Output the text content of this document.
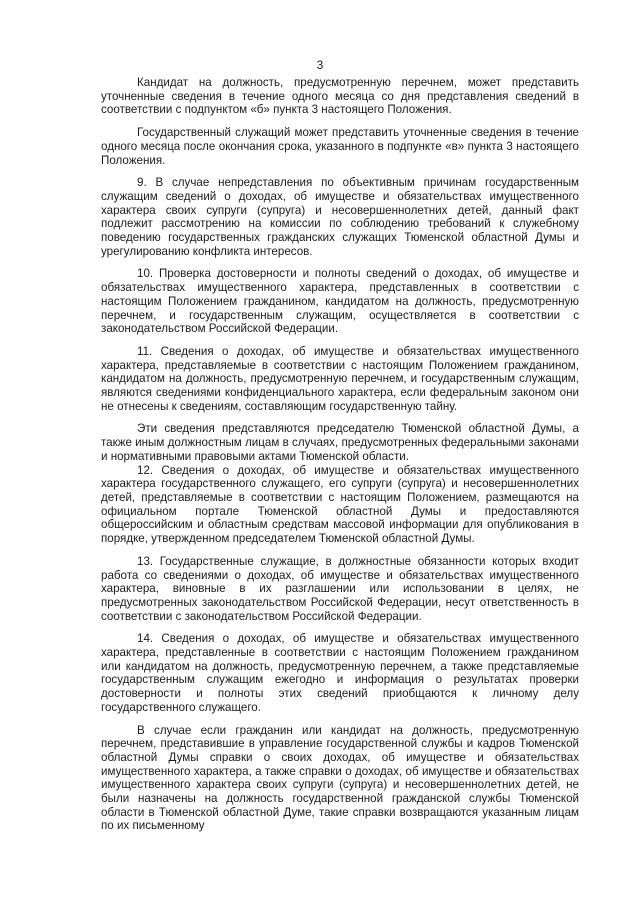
3

Кандидат на должность, предусмотренную перечнем, может представить уточненные сведения в течение одного месяца со дня представления сведений в соответствии с подпунктом «б» пункта 3 настоящего Положения.

Государственный служащий может представить уточненные сведения в течение одного месяца после окончания срока, указанного в подпункте «в» пункта 3 настоящего Положения.

9. В случае непредставления по объективным причинам государственным служащим сведений о доходах, об имуществе и обязательствах имущественного характера своих супруги (супруга) и несовершеннолетних детей, данный факт подлежит рассмотрению на комиссии по соблюдению требований к служебному поведению государственных гражданских служащих Тюменской областной Думы и урегулированию конфликта интересов.

10. Проверка достоверности и полноты сведений о доходах, об имуществе и обязательствах имущественного характера, представленных в соответствии с настоящим Положением гражданином, кандидатом на должность, предусмотренную перечнем, и государственным служащим, осуществляется в соответствии с законодательством Российской Федерации.

11. Сведения о доходах, об имуществе и обязательствах имущественного характера, представляемые в соответствии с настоящим Положением гражданином, кандидатом на должность, предусмотренную перечнем, и государственным служащим, являются сведениями конфиденциального характера, если федеральным законом они не отнесены к сведениям, составляющим государственную тайну.

Эти сведения представляются председателю Тюменской областной Думы, а также иным должностным лицам в случаях, предусмотренных федеральными законами и нормативными правовыми актами Тюменской области.

12. Сведения о доходах, об имуществе и обязательствах имущественного характера государственного служащего, его супруги (супруга) и несовершеннолетних детей, представляемые в соответствии с настоящим Положением, размещаются на официальном портале Тюменской областной Думы и предоставляются общероссийским и областным средствам массовой информации для опубликования в порядке, утвержденном председателем Тюменской областной Думы.

13. Государственные служащие, в должностные обязанности которых входит работа со сведениями о доходах, об имуществе и обязательствах имущественного характера, виновные в их разглашении или использовании в целях, не предусмотренных законодательством Российской Федерации, несут ответственность в соответствии с законодательством Российской Федерации.

14. Сведения о доходах, об имуществе и обязательствах имущественного характера, представленные в соответствии с настоящим Положением гражданином или кандидатом на должность, предусмотренную перечнем, а также представляемые государственным служащим ежегодно и информация о результатах проверки достоверности и полноты этих сведений приобщаются к личному делу государственного служащего.

В случае если гражданин или кандидат на должность, предусмотренную перечнем, представившие в управление государственной службы и кадров Тюменской областной Думы справки о своих доходах, об имуществе и обязательствах имущественного характера, а также справки о доходах, об имуществе и обязательствах имущественного характера своих супруги (супруга) и несовершеннолетних детей, не были назначены на должность государственной гражданской службы Тюменской области в Тюменской областной Думе, такие справки возвращаются указанным лицам по их письменному
